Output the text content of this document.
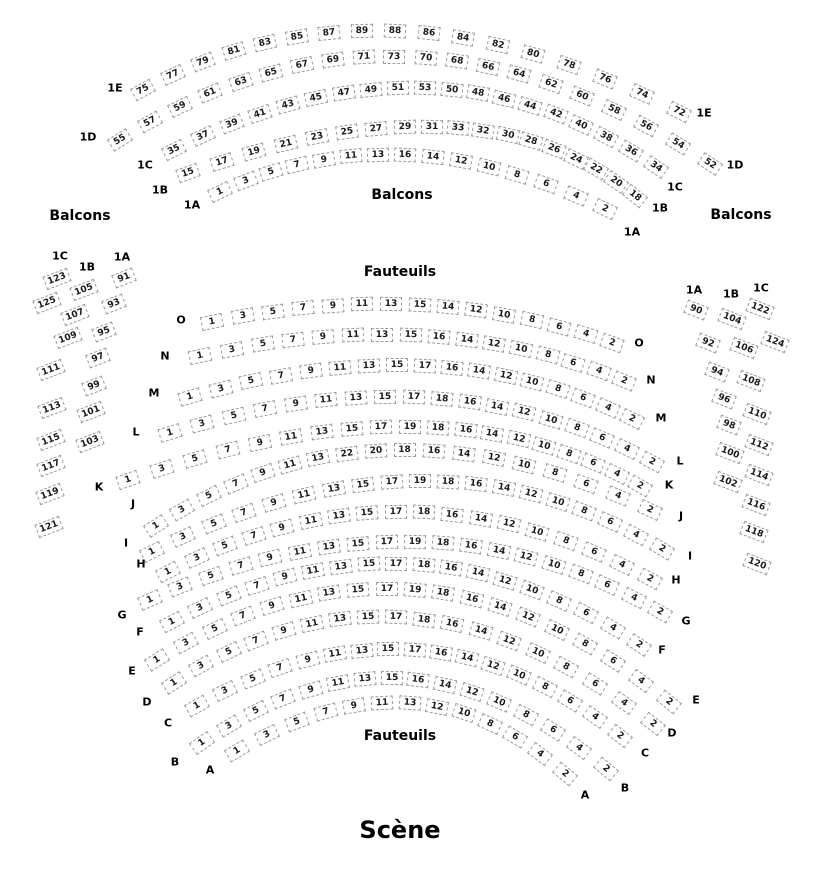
Scène
75
77
79
81
83	85	87	89	88	86	84
82
80
78
76
74
72
1E
1E
55
57
59
61
63
65
67	69	71	73	70	68	66
64
62
60
58
56
54
52
1D
1D
35
37
39
41
43
45	47	49	51	53	50	48	46
44
42
40
38
36
34
1C
1C
15
17
19
21
23	25	27	29	31	33	32	30 28
26
24
22
20
18
1B
1B
1
3
5
7	9	11	13	16	14	12	10
8
6
4
2
1A
1A
1
3	5	7	9	11	13	15	14	12	10	8
6
4
2
O
O
1
3	5	7	9	11	13	15	16	14	12	10
8
6
4
2
N
N
1
3
5
7	9	11	13	15	17	16	14	12	10
8
6
4
2
M
M
1
3
5
7	9	11	13	15	17	18	16	14	12
10
8
6
4
2
L
L
1
3
5
7
9	11	13	15	17	19	18	16	14	12
10
8
6
4
2
K	K
1
3
5
7
9
11
13	22	20	18	16	14	12
10
8
6
4
2
J
J
1
3
5
7
9
11	13	15	17	19	18	16	14	12
10
8
6
4
2
I
I
1
3
5
7
9
11	13	15	17	18	16	14	12
10
8
6
4
2
H
H
1
3
5
7
9
11	13	15	17	19	18	16	14	12
10
8
6
4
2
G	G
1
3
5
7
9
11	13	15	17	18	16	14
12
10
8
6
4
2
F
F
1
3
5
7
9
11	13	15	17	19	18	16
14
12
10
8
6
4
2
E
E
1
3
5
7
9
11	13	15	17	18	16
14
12
10
8
6
4
2
D
D
1
3
5
7
9	11	13	15	17	16	14
12
10
8
6
4
2
C
C
1
3
5
7
9
11	13	15	16	14
12
10
8
6
4
2
B
B
1
3
5
7
9	11	13	12
10
8
6
4
2
A
A
1C
1B
1A
123
125
105
107
109
111
113
115
117
119
121
91
93
95
97
99
101
103
1A 1B 1C
90
92
94
96
98
100
102
104
106
108
110
112
114
116
118
120
122
124
Balcons
Balcons
Balcons
Fauteuils
Fauteuils
